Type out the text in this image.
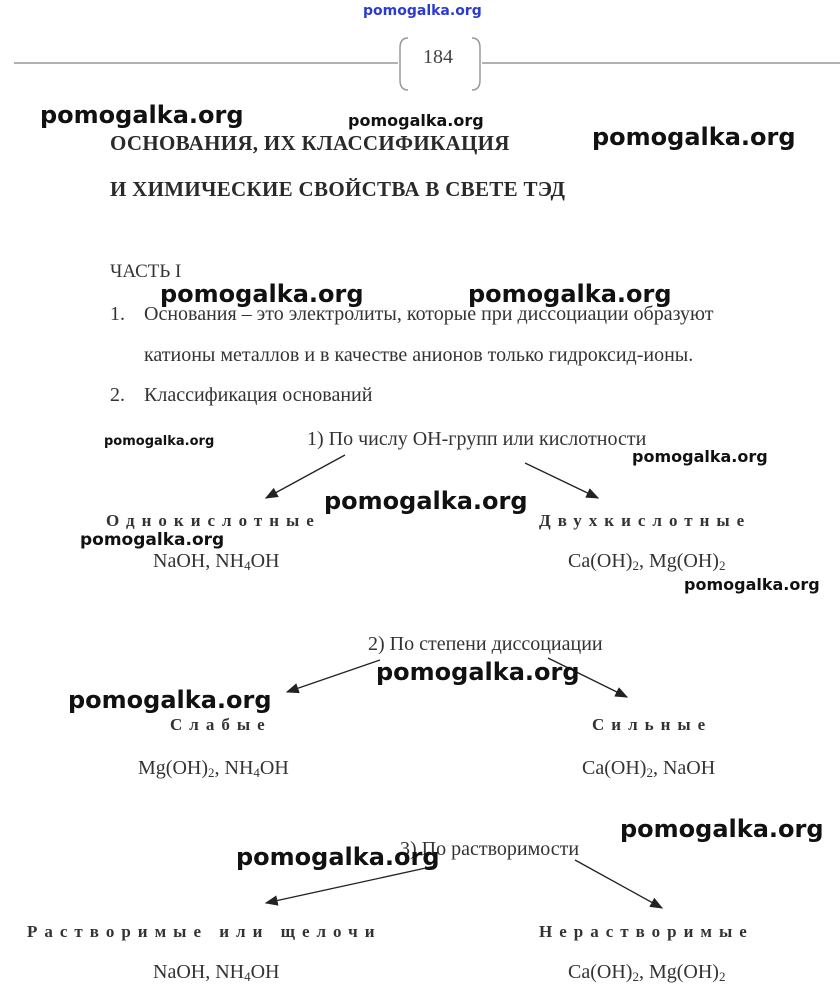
pomogalka.org
184
ОСНОВАНИЯ, ИХ КЛАССИФИКАЦИЯ
И ХИМИЧЕСКИЕ СВОЙСТВА В СВЕТЕ ТЭД
ЧАСТЬ I
1. Основания – это электролиты, которые при диссоциации образуют
катионы металлов и в качестве анионов только гидроксид-ионы.
2. Классификация оснований
1) По числу ОН-групп или кислотности
Однокислотные
NaOH, $NH_4OH$
Двухкислотные
$Ca(OH)_2$, $Mg(OH)_2$
2) По степени диссоциации
Слабые
$Mg(OH)_2$, $NH_4OH$
Сильные
$Ca(OH)_2$, NaOH
3) По растворимости
Растворимые или щелочи
NaOH, $NH_4OH$
Нерастворимые
$Ca(OH)_2$, $Mg(OH)_2$
pomogalka.org	pomogalka.org
pomogalka.org
pomogalka.org	pomogalka.org
pomogalka.org
pomogalka.org
pomogalka.org
pomogalka.org
pomogalka.org
pomogalka.org
pomogalka.org
pomogalka.org
pomogalka.org
